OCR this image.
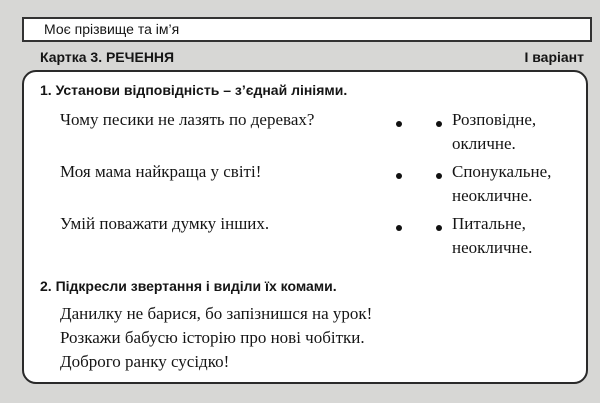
Моє прізвище та ім’я
Картка 3. РЕЧЕННЯ	І варіант
1. Установи відповідність – з’єднай лініями.
Чому песики не лазять по деревах?	Розповідне,
окличне.
Моя мама найкраща у світі!	Спонукальне,
неокличне.
Умій поважати думку інших.	Питальне,
неокличне.
2. Підкресли звертання і виділи їх комами.
Данилку не барися, бо запізнишся на урок!
Розкажи бабусю історію про нові чобітки.
Доброго ранку сусідко!
